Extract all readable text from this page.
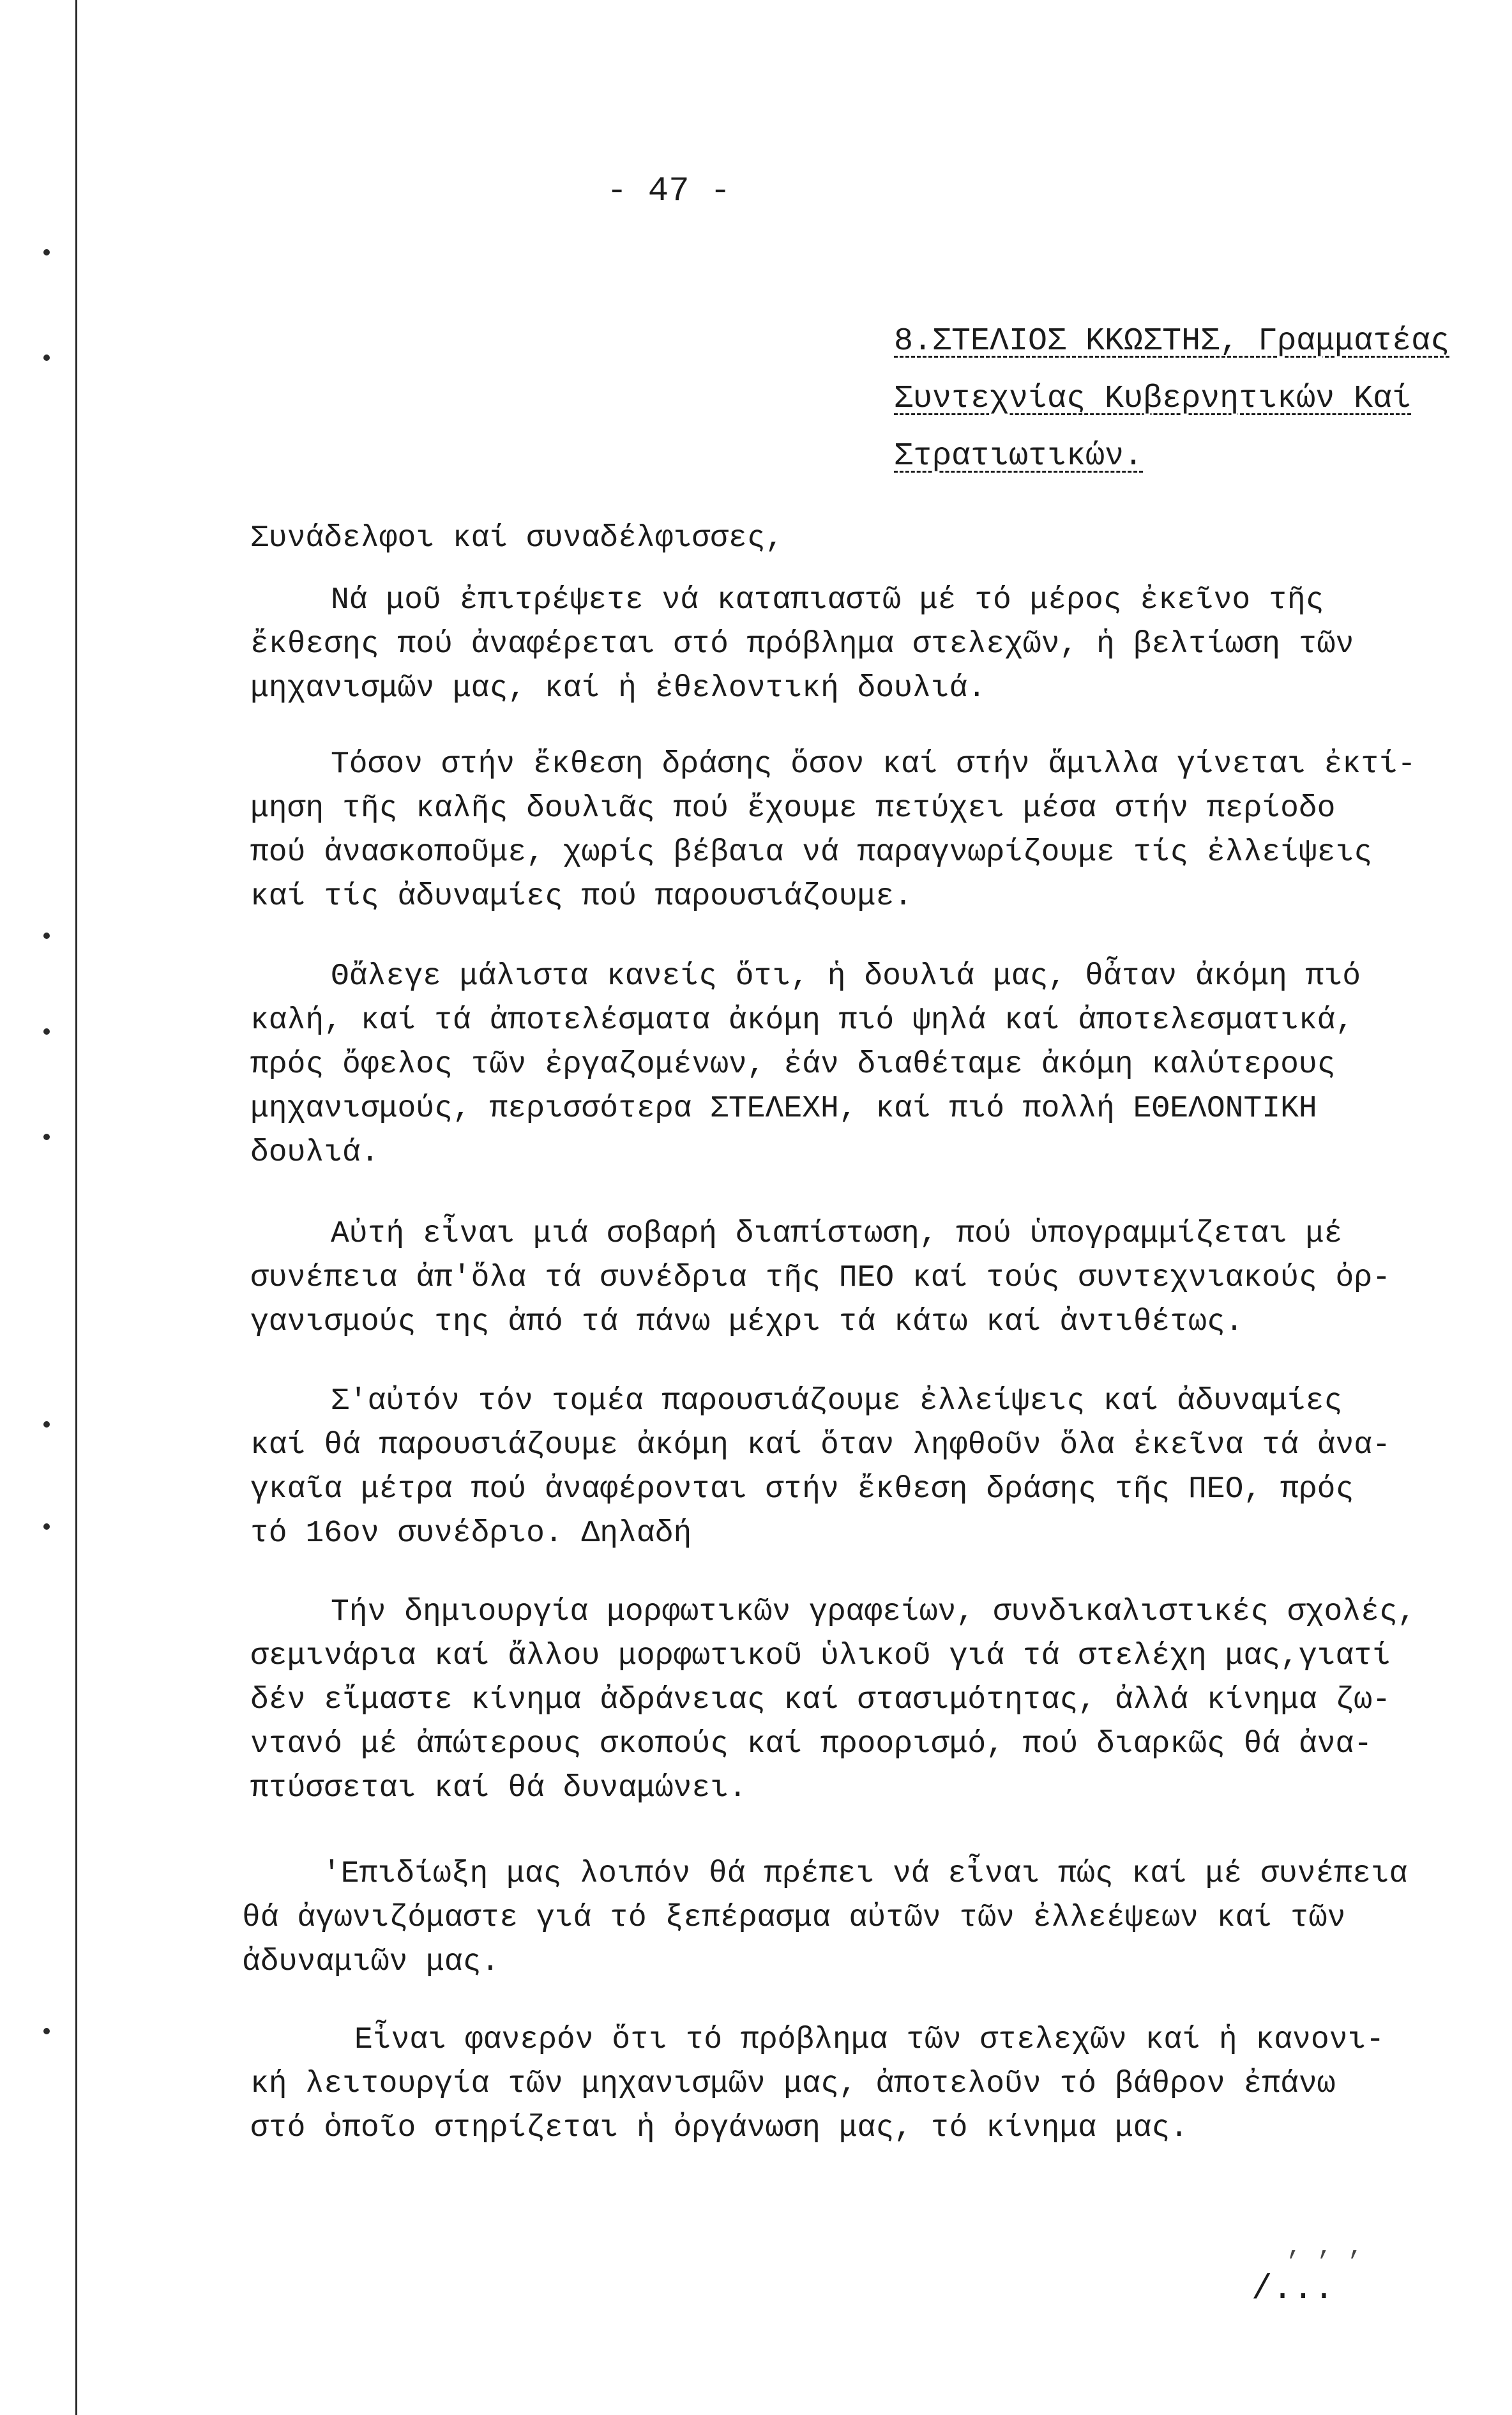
- 47 -
8.ΣΤΕΛΙΟΣ ΚΚΩΣΤΗΣ, Γραμματέας
Συντεχνίας Κυβερνητικών Καί
Στρατιωτικών.
Συνάδελφοι καί συναδέλφισσες,
Νά μοῦ ἐπιτρέψετε νά καταπιαστῶ μέ τό μέρος ἐκεῖνο τῆς
ἔκθεσης πού ἀναφέρεται στό πρόβλημα στελεχῶν, ἡ βελτίωση τῶν
μηχανισμῶν μας, καί ἡ ἐθελοντική δουλιά.
Τόσον στήν ἔκθεση δράσης ὅσον καί στήν ἅμιλλα γίνεται ἐκτί-
μηση τῆς καλῆς δουλιᾶς πού ἔχουμε πετύχει μέσα στήν περίοδο
πού ἀνασκοποῦμε, χωρίς βέβαια νά παραγνωρίζουμε τίς ἐλλείψεις
καί τίς ἀδυναμίες πού παρουσιάζουμε.
Θἄλεγε μάλιστα κανείς ὅτι, ἡ δουλιά μας, θἆταν ἀκόμη πιό
καλή, καί τά ἀποτελέσματα ἀκόμη πιό ψηλά καί ἀποτελεσματικά,
πρός ὄφελος τῶν ἐργαζομένων, ἐάν διαθέταμε ἀκόμη καλύτερους
μηχανισμούς, περισσότερα ΣΤΕΛΕΧΗ, καί πιό πολλή ΕΘΕΛΟΝΤΙΚΗ
δουλιά.
Αὐτή εἶναι μιά σοβαρή διαπίστωση, πού ὑπογραμμίζεται μέ
συνέπεια ἀπ'ὅλα τά συνέδρια τῆς ΠΕΟ καί τούς συντεχνιακούς ὀρ-
γανισμούς της ἀπό τά πάνω μέχρι τά κάτω καί ἀντιθέτως.
Σ'αὐτόν τόν τομέα παρουσιάζουμε ἐλλείψεις καί ἀδυναμίες
καί θά παρουσιάζουμε ἀκόμη καί ὅταν ληφθοῦν ὅλα ἐκεῖνα τά ἀνα-
γκαῖα μέτρα πού ἀναφέρονται στήν ἔκθεση δράσης τῆς ΠΕΟ, πρός
τό 16ον συνέδριο. Δηλαδή
Τήν δημιουργία μορφωτικῶν γραφείων, συνδικαλιστικές σχολές,
σεμινάρια καί ἄλλου μορφωτικοῦ ὑλικοῦ γιά τά στελέχη μας,γιατί
δέν εἴμαστε κίνημα ἀδράνειας καί στασιμότητας, ἀλλά κίνημα ζω-
ντανό μέ ἀπώτερους σκοπούς καί προορισμό, πού διαρκῶς θά ἀνα-
πτύσσεται καί θά δυναμώνει.
'Επιδίωξη μας λοιπόν θά πρέπει νά εἶναι πώς καί μέ συνέπεια
θά ἀγωνιζόμαστε γιά τό ξεπέρασμα αὐτῶν τῶν ἐλλεέψεων καί τῶν
ἀδυναμιῶν μας.
Εἶναι φανερόν ὅτι τό πρόβλημα τῶν στελεχῶν καί ἡ κανονι-
κή λειτουργία τῶν μηχανισμῶν μας, ἀποτελοῦν τό βάθρον ἐπάνω
στό ὁποῖο στηρίζεται ἡ ὀργάνωση μας, τό κίνημα μας.
, , ,
/...
